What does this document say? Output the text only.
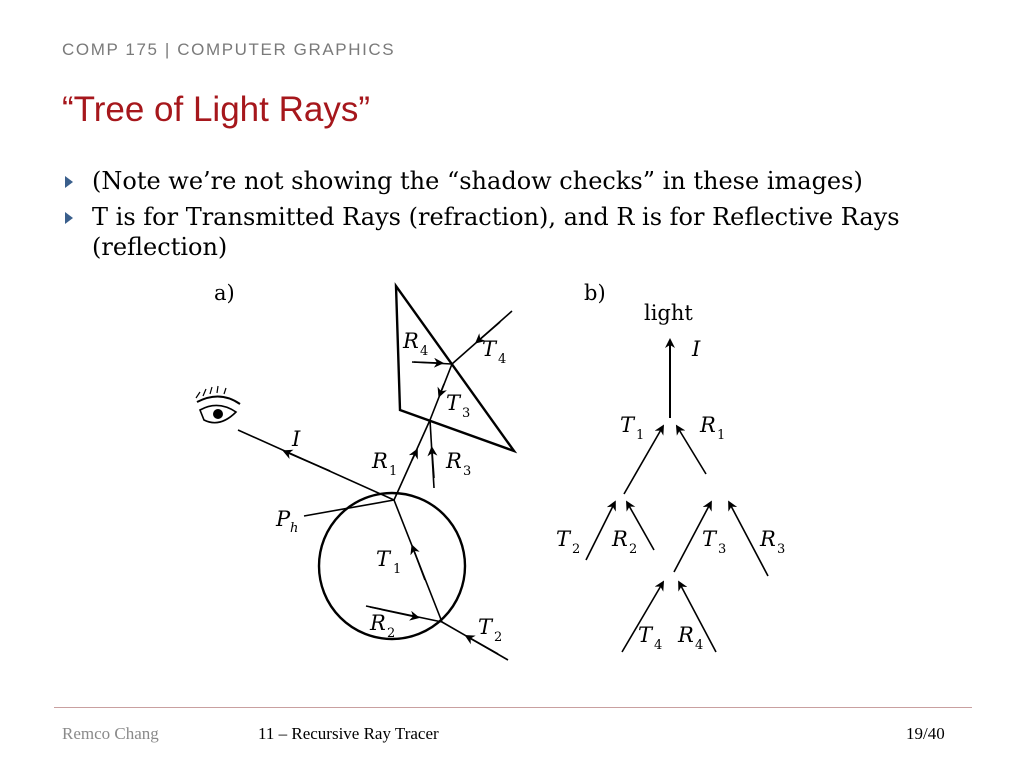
COMP 175 | COMPUTER GRAPHICS
“Tree of Light Rays”
(Note we’re not showing the “shadow checks” in these images)
T is for Transmitted Rays (refraction), and R is for Reflective Rays (reflection)
a)
I
P h
T 1
R 2	T 2
R 1 R 3
T 3
R 4	T 4
b)
light
I
T 1	R 1
T 2 R 2	T 3 R 3
T 4 R 4
Remco Chang	11 – Recursive Ray Tracer	19/40
